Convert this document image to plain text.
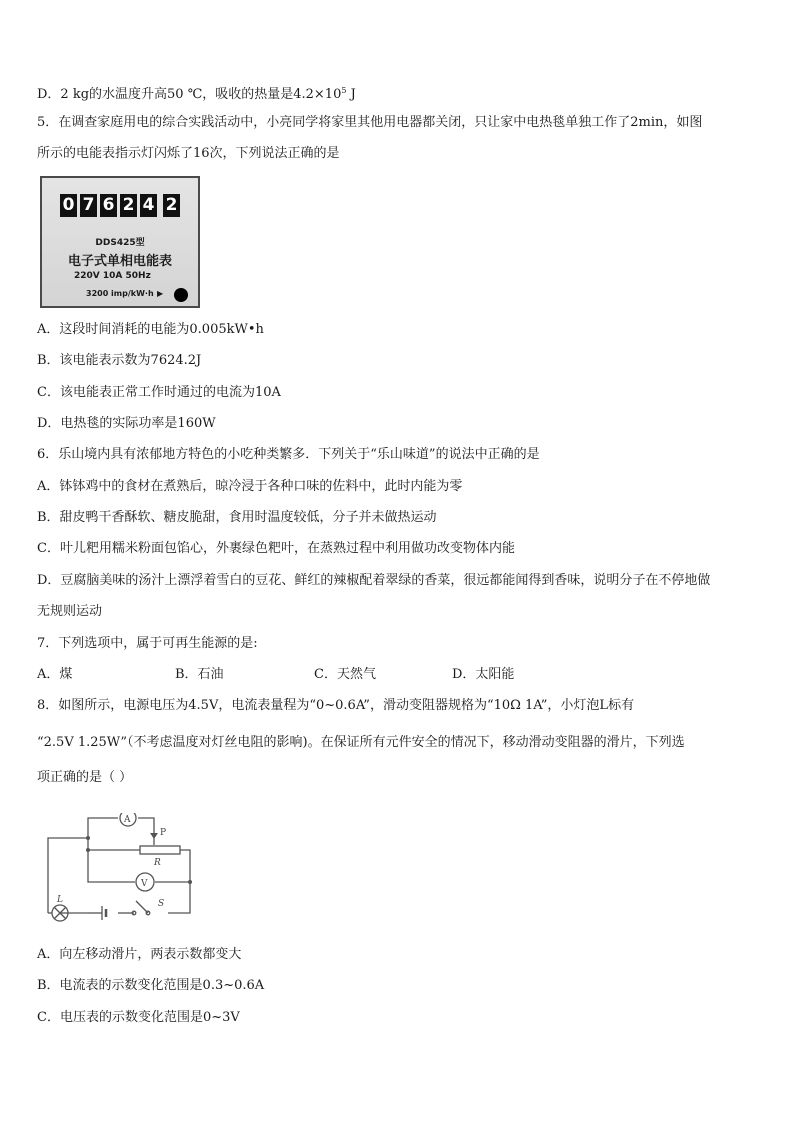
D．2 kg的水温度升高50 ℃，吸收的热量是$4.2\times 10^5$ J
5．在调查家庭用电的综合实践活动中，小亮同学将家里其他用电器都关闭，只让家中电热毯单独工作了2min，如图
所示的电能表指示灯闪烁了16次，下列说法正确的是
0 7 6 2 4 2
DDS425型
电子式单相电能表
220V 10A 50Hz
3200 imp/kW·h ▶
A．这段时间消耗的电能为0.005kW•h
B．该电能表示数为7624.2J
C．该电能表正常工作时通过的电流为10A
D．电热毯的实际功率是160W
6．乐山境内具有浓郁地方特色的小吃种类繁多．下列关于“乐山味道”的说法中正确的是
A．钵钵鸡中的食材在煮熟后，晾冷浸于各种口味的佐料中，此时内能为零
B．甜皮鸭干香酥软、糖皮脆甜，食用时温度较低，分子并未做热运动
C．叶儿粑用糯米粉面包馅心，外裹绿色粑叶，在蒸熟过程中利用做功改变物体内能
D．豆腐脑美味的汤汁上漂浮着雪白的豆花、鲜红的辣椒配着翠绿的香菜，很远都能闻得到香味，说明分子在不停地做
无规则运动
7．下列选项中，属于可再生能源的是:
A．煤	B．石油	C．天然气	D．太阳能
8．如图所示，电源电压为4.5V，电流表量程为“0~0.6A”，滑动变阻器规格为“10Ω 1A”，小灯泡L标有
“2.5V 1.25W”（不考虑温度对灯丝电阻的影响)。在保证所有元件安全的情况下，移动滑动变阻器的滑片，下列选
项正确的是（ ）
A
V
P
R
L	S
A．向左移动滑片，两表示数都变大
B．电流表的示数变化范围是0.3~0.6A
C．电压表的示数变化范围是0~3V
